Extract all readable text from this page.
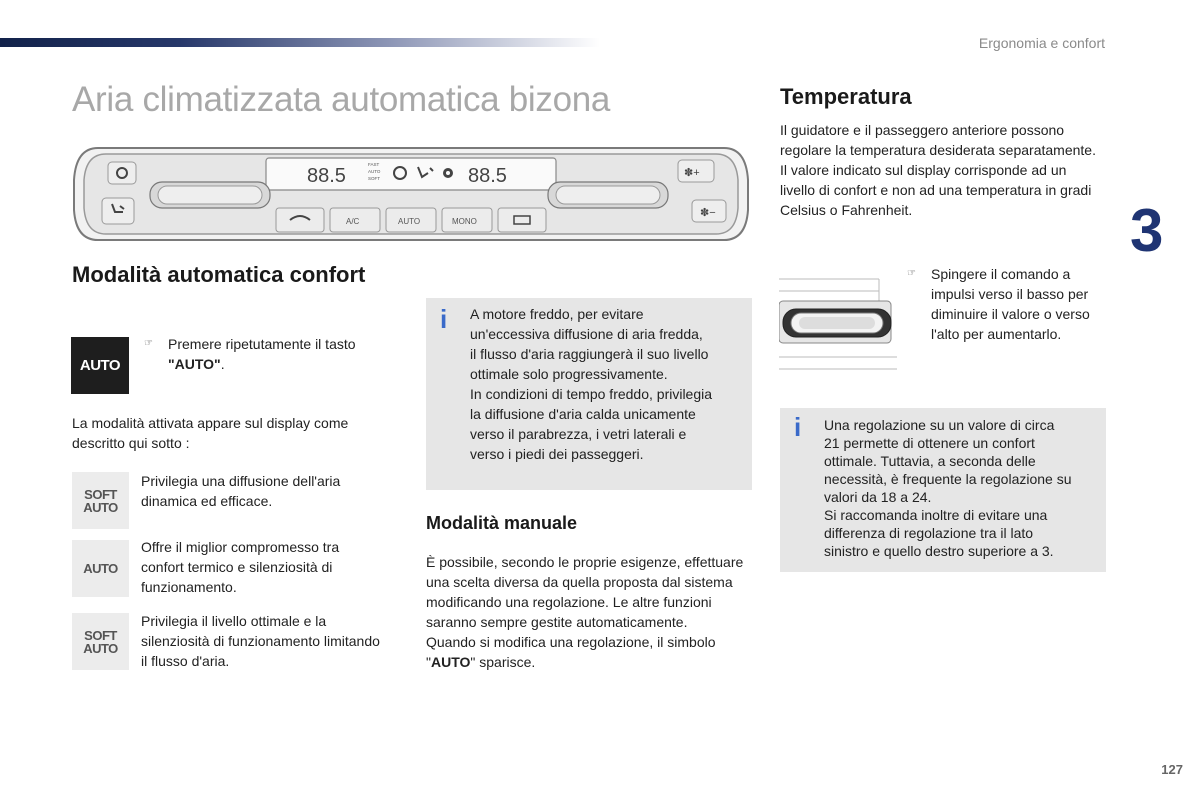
Ergonomia e confort
Aria climatizzata automatica bizona
3
127
88.5
FAST
AUTO
SOFT	88.5	✽+
✽−
A/C	AUTO	MONO
Modalità automatica confort
AUTO
☞ Premere ripetutamente il tasto
"AUTO".
La modalità attivata appare sul display come descritto qui sotto :
SOFT
AUTO
Privilegia una diffusione dell'aria dinamica ed efficace.
AUTO
Offre il miglior compromesso tra confort termico e silenziosità di funzionamento.
SOFT
AUTO
Privilegia il livello ottimale e la silenziosità di funzionamento limitando il flusso d'aria.
i A motore freddo, per evitare
un'eccessiva diffusione di aria fredda,
il flusso d'aria raggiungerà il suo livello
ottimale solo progressivamente.
In condizioni di tempo freddo, privilegia
la diffusione d'aria calda unicamente
verso il parabrezza, i vetri laterali e
verso i piedi dei passeggeri.
Modalità manuale
È possibile, secondo le proprie esigenze, effettuare una scelta diversa da quella proposta dal sistema modificando una regolazione. Le altre funzioni saranno sempre gestite automaticamente.
Quando si modifica una regolazione, il simbolo
"AUTO" sparisce.
Temperatura
Il guidatore e il passeggero anteriore possono regolare la temperatura desiderata separatamente.
Il valore indicato sul display corrisponde ad un livello di confort e non ad una temperatura in gradi Celsius o Fahrenheit.
☞ Spingere il comando a impulsi verso il basso per diminuire il valore o verso l'alto per aumentarlo.
i Una regolazione su un valore di circa
21 permette di ottenere un confort
ottimale. Tuttavia, a seconda delle
necessità, è frequente la regolazione su
valori da 18 a 24.
Si raccomanda inoltre di evitare una
differenza di regolazione tra il lato
sinistro e quello destro superiore a 3.
